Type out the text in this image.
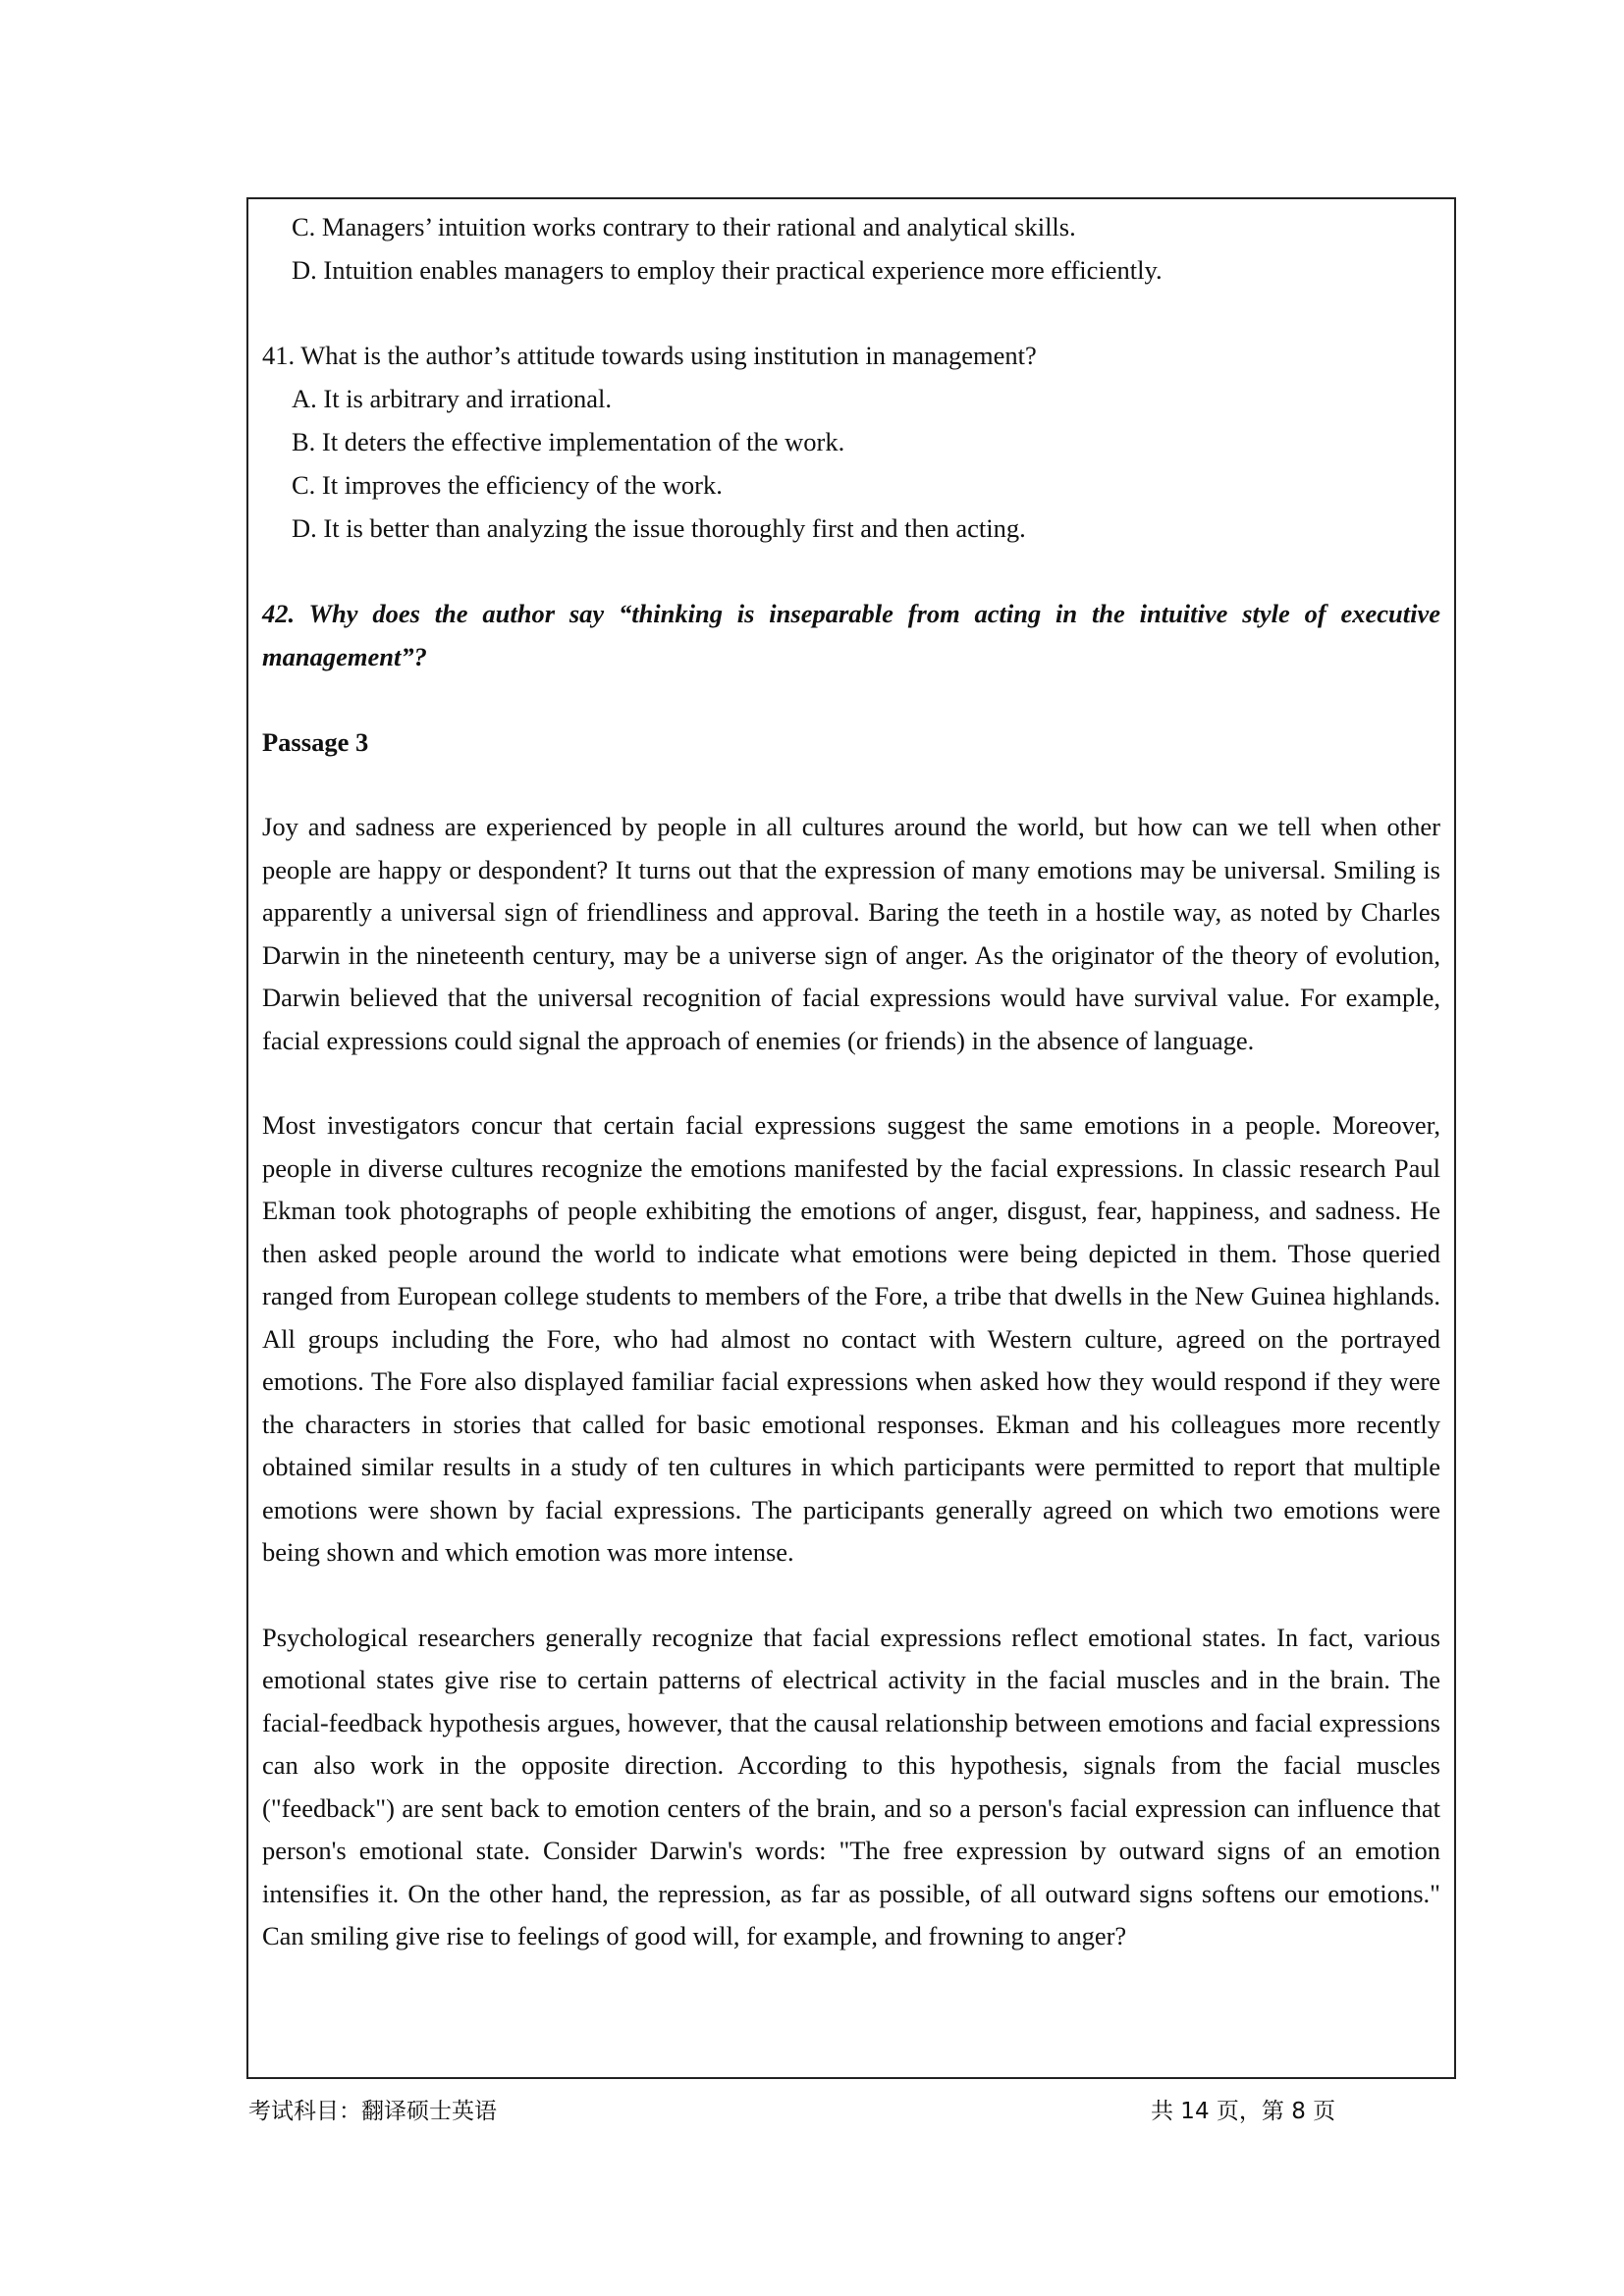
C. Managers’ intuition works contrary to their rational and analytical skills.
D. Intuition enables managers to employ their practical experience more efficiently.
41. What is the author’s attitude towards using institution in management?
A. It is arbitrary and irrational.
B. It deters the effective implementation of the work.
C. It improves the efficiency of the work.
D. It is better than analyzing the issue thoroughly first and then acting.
42. Why does the author say “thinking is inseparable from acting in the intuitive style of executive management”?
Passage 3

Joy and sadness are experienced by people in all cultures around the world, but how can we tell when other people are happy or despondent? It turns out that the expression of many emotions may be universal. Smiling is apparently a universal sign of friendliness and approval. Baring the teeth in a hostile way, as noted by Charles Darwin in the nineteenth century, may be a universe sign of anger. As the originator of the theory of evolution, Darwin believed that the universal recognition of facial expressions would have survival value. For example, facial expressions could signal the approach of enemies (or friends) in the absence of language.

Most investigators concur that certain facial expressions suggest the same emotions in a people. Moreover, people in diverse cultures recognize the emotions manifested by the facial expressions. In classic research Paul Ekman took photographs of people exhibiting the emotions of anger, disgust, fear, happiness, and sadness. He then asked people around the world to indicate what emotions were being depicted in them. Those queried ranged from European college students to members of the Fore, a tribe that dwells in the New Guinea highlands. All groups including the Fore, who had almost no contact with Western culture, agreed on the portrayed emotions. The Fore also displayed familiar facial expressions when asked how they would respond if they were the characters in stories that called for basic emotional responses. Ekman and his colleagues more recently obtained similar results in a study of ten cultures in which participants were permitted to report that multiple emotions were shown by facial expressions. The participants generally agreed on which two emotions were being shown and which emotion was more intense.

Psychological researchers generally recognize that facial expressions reflect emotional states. In fact, various emotional states give rise to certain patterns of electrical activity in the facial muscles and in the brain. The facial-feedback hypothesis argues, however, that the causal relationship between emotions and facial expressions can also work in the opposite direction. According to this hypothesis, signals from the facial muscles ("feedback") are sent back to emotion centers of the brain, and so a person's facial expression can influence that person's emotional state. Consider Darwin's words: "The free expression by outward signs of an emotion intensifies it. On the other hand, the repression, as far as possible, of all outward signs softens our emotions." Can smiling give rise to feelings of good will, for example, and frowning to anger?

考试科目：翻译硕士英语	共 14 页，第 8 页
